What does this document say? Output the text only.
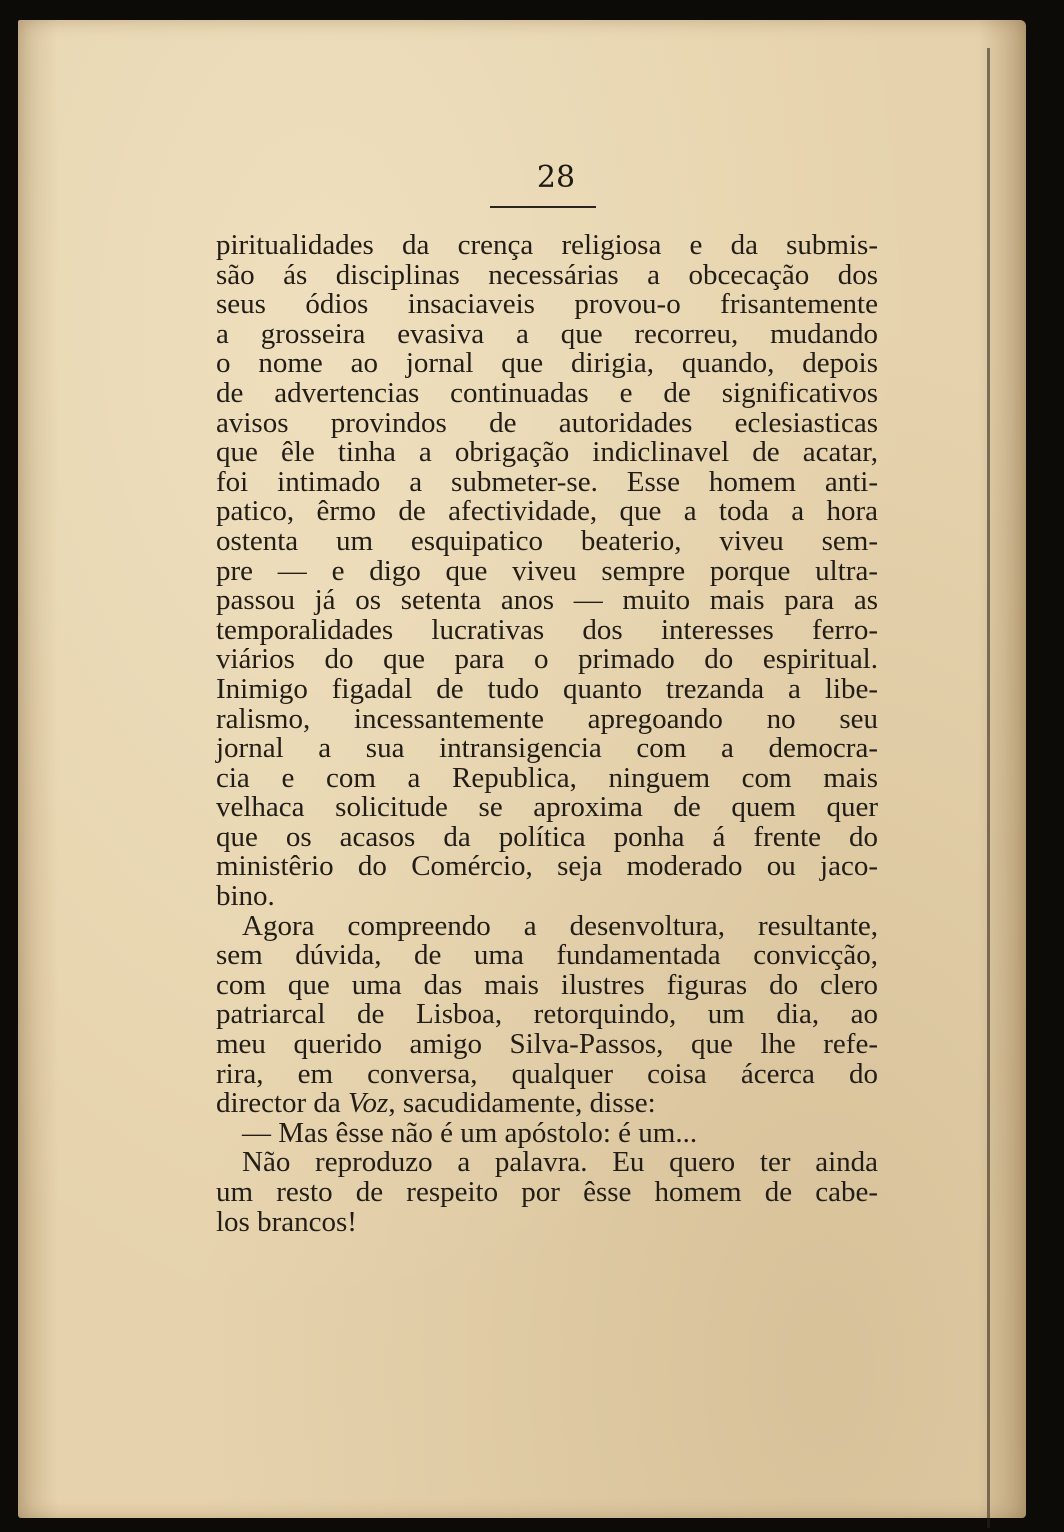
28
piritualidades da crença religiosa e da submis-
são ás disciplinas necessárias a obcecação dos
seus ódios insaciaveis provou-o frisantemente
a grosseira evasiva a que recorreu, mudando
o nome ao jornal que dirigia, quando, depois
de advertencias continuadas e de significativos
avisos provindos de autoridades eclesiasticas
que êle tinha a obrigação indiclinavel de acatar,
foi intimado a submeter-se. Esse homem anti-
patico, êrmo de afectividade, que a toda a hora
ostenta um esquipatico beaterio, viveu sem-
pre — e digo que viveu sempre porque ultra-
passou já os setenta anos — muito mais para as
temporalidades lucrativas dos interesses ferro-
viários do que para o primado do espiritual.
Inimigo figadal de tudo quanto trezanda a libe-
ralismo, incessantemente apregoando no seu
jornal a sua intransigencia com a democra-
cia e com a Republica, ninguem com mais
velhaca solicitude se aproxima de quem quer
que os acasos da política ponha á frente do
ministêrio do Comércio, seja moderado ou jaco-
bino.
Agora compreendo a desenvoltura, resultante,
sem dúvida, de uma fundamentada convicção,
com que uma das mais ilustres figuras do clero
patriarcal de Lisboa, retorquindo, um dia, ao
meu querido amigo Silva-Passos, que lhe refe-
rira, em conversa, qualquer coisa ácerca do
director da Voz, sacudidamente, disse:
— Mas êsse não é um apóstolo: é um...
Não reproduzo a palavra. Eu quero ter ainda
um resto de respeito por êsse homem de cabe-
los brancos!
